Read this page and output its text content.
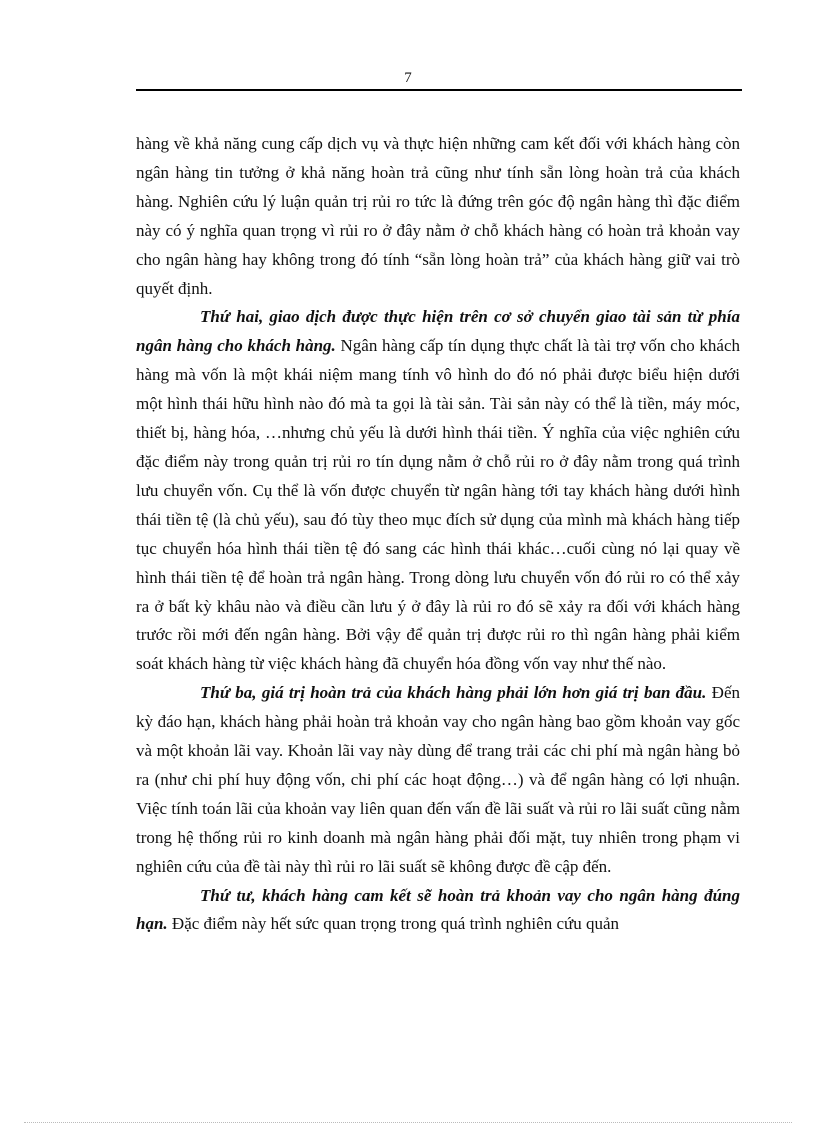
7

hàng về khả năng cung cấp dịch vụ và thực hiện những cam kết đối với khách hàng còn ngân hàng tin tưởng ở khả năng hoàn trả cũng như tính sẵn lòng hoàn trả của khách hàng. Nghiên cứu lý luận quản trị rủi ro tức là đứng trên góc độ ngân hàng thì đặc điểm này có ý nghĩa quan trọng vì rủi ro ở đây nằm ở chỗ khách hàng có hoàn trả khoản vay cho ngân hàng hay không trong đó tính “sẵn lòng hoàn trả” của khách hàng giữ vai trò quyết định.

Thứ hai, giao dịch được thực hiện trên cơ sở chuyển giao tài sản từ phía ngân hàng cho khách hàng. Ngân hàng cấp tín dụng thực chất là tài trợ vốn cho khách hàng mà vốn là một khái niệm mang tính vô hình do đó nó phải được biểu hiện dưới một hình thái hữu hình nào đó mà ta gọi là tài sản. Tài sản này có thể là tiền, máy móc, thiết bị, hàng hóa, …nhưng chủ yếu là dưới hình thái tiền. Ý nghĩa của việc nghiên cứu đặc điểm này trong quản trị rủi ro tín dụng nằm ở chỗ rủi ro ở đây nằm trong quá trình lưu chuyển vốn. Cụ thể là vốn được chuyển từ ngân hàng tới tay khách hàng dưới hình thái tiền tệ (là chủ yếu), sau đó tùy theo mục đích sử dụng của mình mà khách hàng tiếp tục chuyển hóa hình thái tiền tệ đó sang các hình thái khác…cuối cùng nó lại quay về hình thái tiền tệ để hoàn trả ngân hàng. Trong dòng lưu chuyển vốn đó rủi ro có thể xảy ra ở bất kỳ khâu nào và điều cần lưu ý ở đây là rủi ro đó sẽ xảy ra đối với khách hàng trước rồi mới đến ngân hàng. Bởi vậy để quản trị được rủi ro thì ngân hàng phải kiểm soát khách hàng từ việc khách hàng đã chuyển hóa đồng vốn vay như thế nào.

Thứ ba, giá trị hoàn trả của khách hàng phải lớn hơn giá trị ban đầu. Đến kỳ đáo hạn, khách hàng phải hoàn trả khoản vay cho ngân hàng bao gồm khoản vay gốc và một khoản lãi vay. Khoản lãi vay này dùng để trang trải các chi phí mà ngân hàng bỏ ra (như chi phí huy động vốn, chi phí các hoạt động…) và để ngân hàng có lợi nhuận. Việc tính toán lãi của khoản vay liên quan đến vấn đề lãi suất và rủi ro lãi suất cũng nằm trong hệ thống rủi ro kinh doanh mà ngân hàng phải đối mặt, tuy nhiên trong phạm vi nghiên cứu của đề tài này thì rủi ro lãi suất sẽ không được đề cập đến.

Thứ tư, khách hàng cam kết sẽ hoàn trả khoản vay cho ngân hàng đúng hạn. Đặc điểm này hết sức quan trọng trong quá trình nghiên cứu quản
